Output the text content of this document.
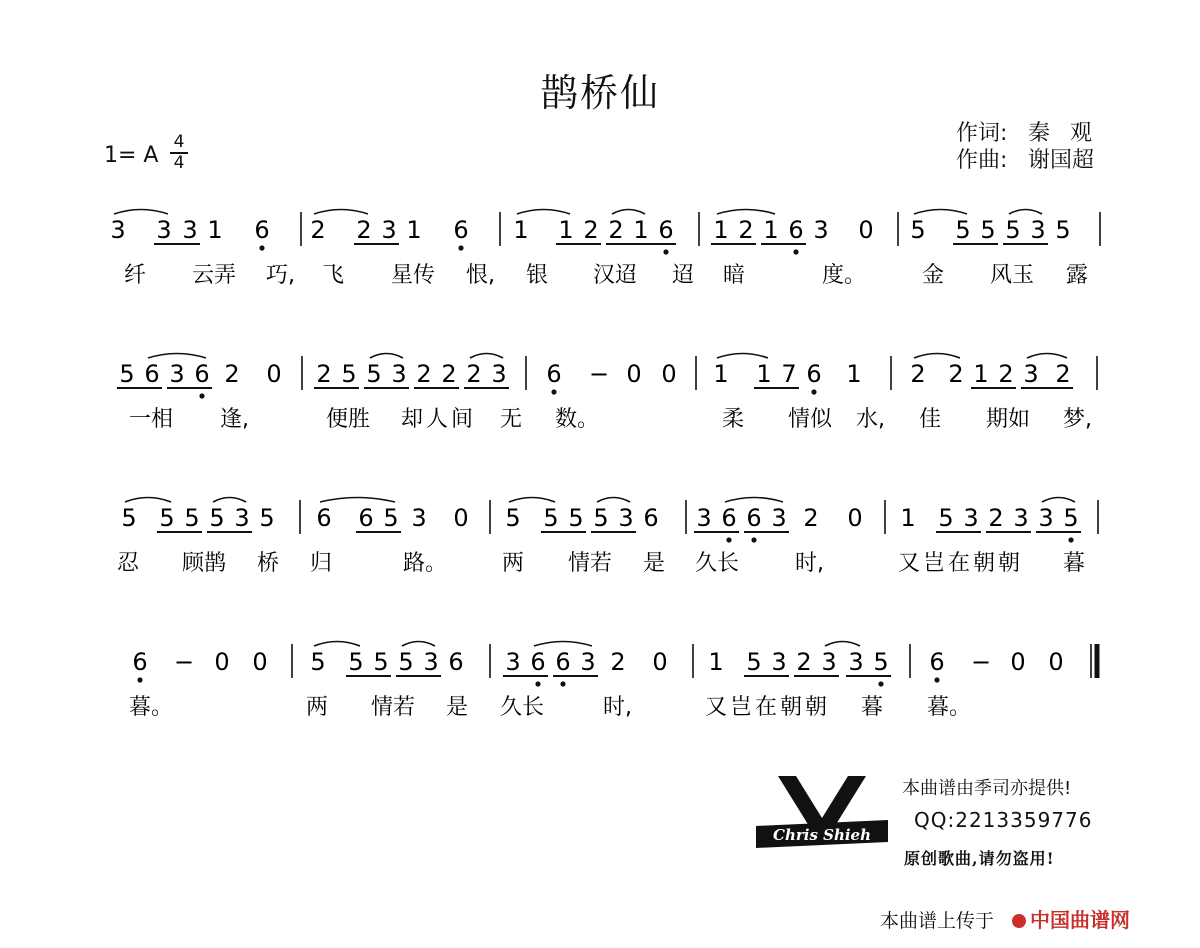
鹊桥仙
1= A
4
4
作词: 秦观
作曲: 谢国超
3 3 3 1 6 2 2 3 1 6 1 1 2 2 1 6 1 2 1 6 3 0 5 5 5 5 3 5
纤 云弄 巧, 飞 星传 恨, 银 汉迢 迢 暗	度。	金 风玉 露
5 6 3 6 2 0 2 5 5 3 2 2 2 3 6 − 0 0 1 1 7 6 1 2 2 1 2 3 2
一相 逢,	便胜 却人间 无 数。	柔 情似 水, 佳 期如 梦,
5 5 5 5 3 5 6 6 5 3 0 5 5 5 5 3 6 3 6 6 3 2 0 1 5 3 2 3 3 5
忍 顾鹊 桥 归	路。 两 情若 是 久长	时,	又岂在朝朝 暮
6 − 0 0 5 5 5 5 3 6 3 6 6 3 2 0 1 5 3 2 3 3 5 6 − 0 0
暮。	两 情若 是 久长	时,	又岂在朝朝 暮 暮。
Chris Shieh
本曲谱由季司亦提供!
QQ:2213359776
原创歌曲,请勿盗用!
本曲谱上传于	中国曲谱网
